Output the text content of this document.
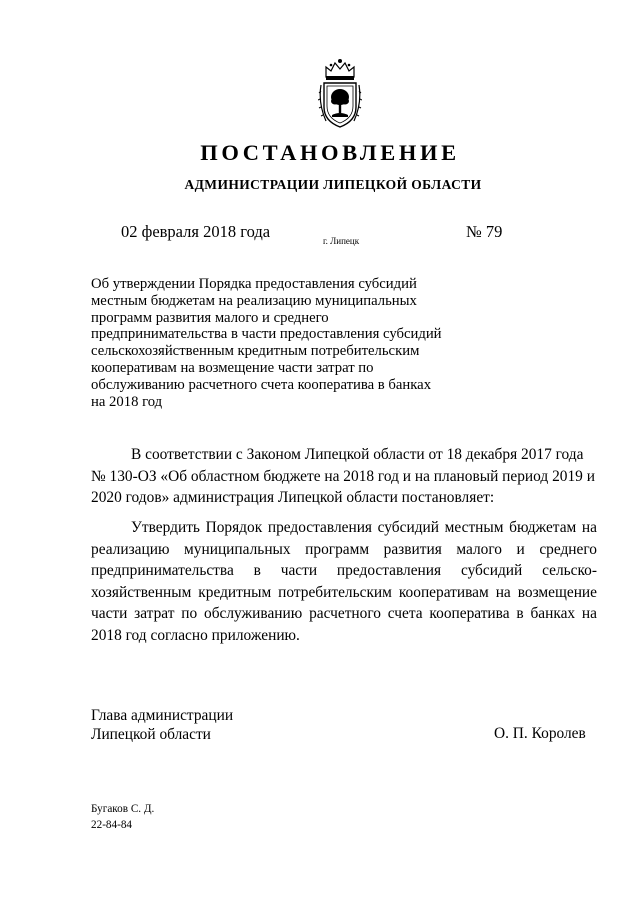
ПОСТАНОВЛЕНИЕ
АДМИНИСТРАЦИИ ЛИПЕЦКОЙ ОБЛАСТИ
02 февраля 2018 года	г. Липецк	№ 79
Об утверждении Порядка предоставления субсидий
местным бюджетам на реализацию муниципальных
программ развития малого и среднего
предпринимательства в части предоставления субсидий
сельскохозяйственным кредитным потребительским
кооперативам на возмещение части затрат по
обслуживанию расчетного счета кооператива в банках
на 2018 год
В соответствии с Законом Липецкой области от 18 декабря 2017 года
№ 130-ОЗ «Об областном бюджете на 2018 год и на плановый период 2019 и
2020 годов» администрация Липецкой области постановляет:
Утвердить Порядок предоставления субсидий местным бюджетам на
реализацию муниципальных программ развития малого и среднего
предпринимательства в части предоставления субсидий сельско-
хозяйственным кредитным потребительским кооперативам на возмещение
части затрат по обслуживанию расчетного счета кооператива в банках на
2018 год согласно приложению.
Глава администрации
Липецкой области	О. П. Королев
Бугаков С. Д.
22-84-84
